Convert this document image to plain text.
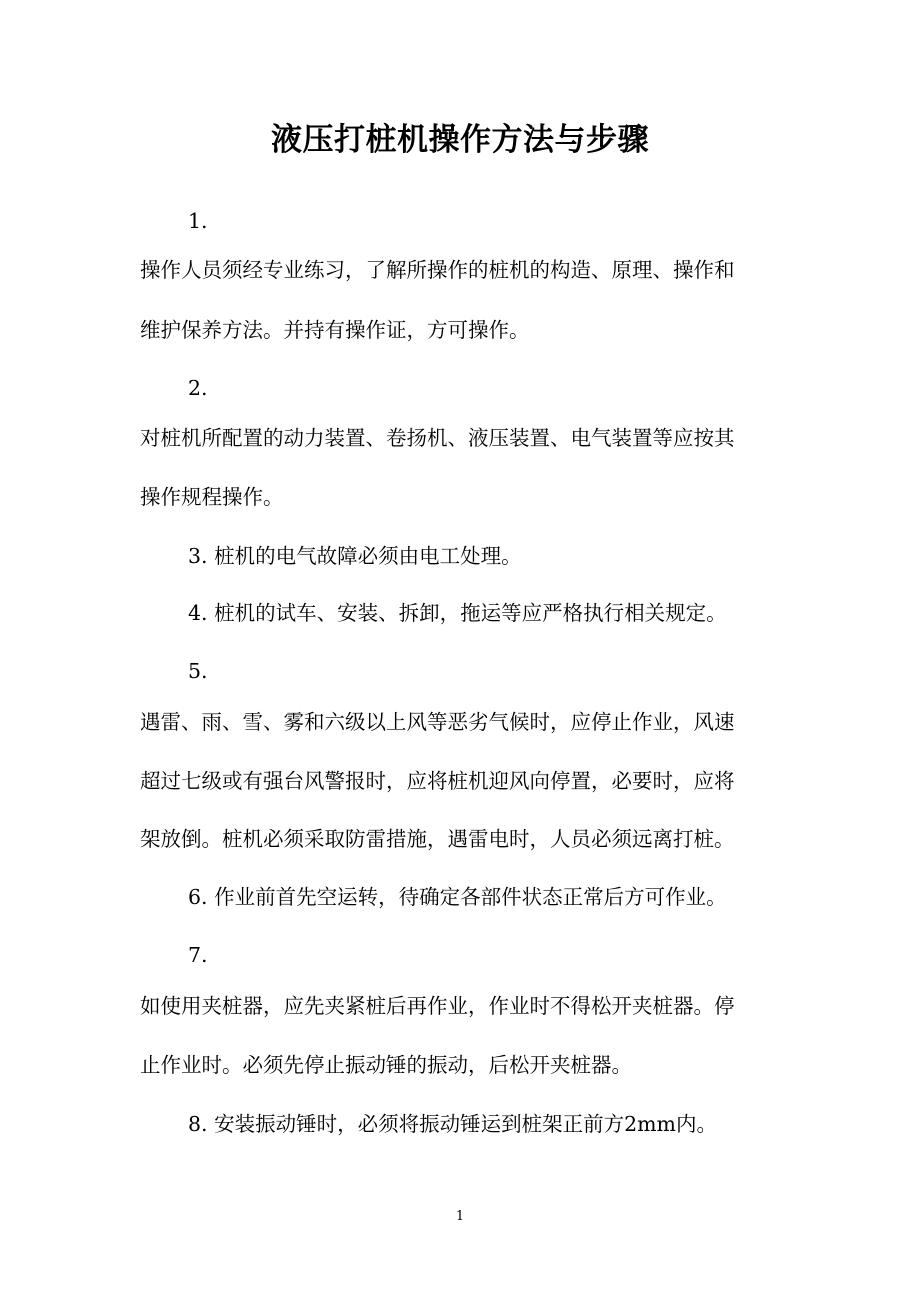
液压打桩机操作方法与步骤
1.
操作人员须经专业练习，了解所操作的桩机的构造、原理、操作和
维护保养方法。并持有操作证，方可操作。
2.
对桩机所配置的动力装置、卷扬机、液压装置、电气装置等应按其
操作规程操作。
3. 桩机的电气故障必须由电工处理。
4. 桩机的试车、安装、拆卸，拖运等应严格执行相关规定。
5.
遇雷、雨、雪、雾和六级以上风等恶劣气候时，应停止作业，风速
超过七级或有强台风警报时，应将桩机迎风向停置，必要时，应将
架放倒。桩机必须采取防雷措施，遇雷电时，人员必须远离打桩。
6. 作业前首先空运转，待确定各部件状态正常后方可作业。
7.
如使用夹桩器，应先夹紧桩后再作业，作业时不得松开夹桩器。停
止作业时。必须先停止振动锤的振动，后松开夹桩器。
8. 安装振动锤时，必须将振动锤运到桩架正前方2mm内。
1
